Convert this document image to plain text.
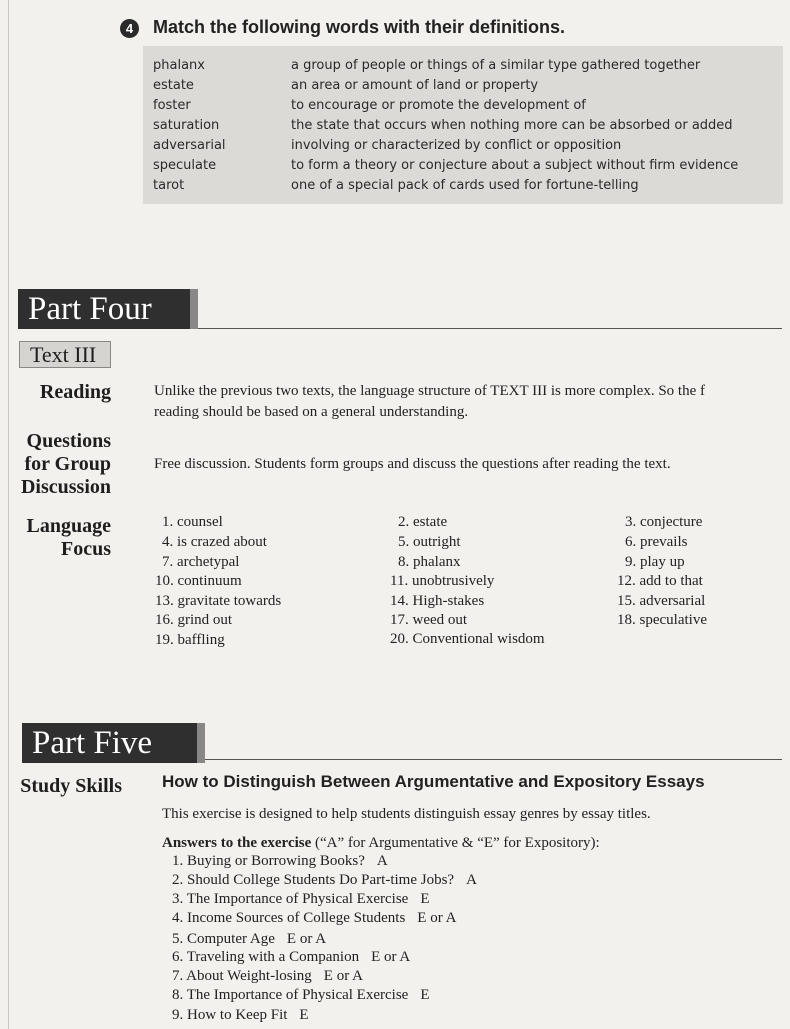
4	Match the following words with their definitions.
phalanx	a group of people or things of a similar type gathered together
estate	an area or amount of land or property
foster	to encourage or promote the development of
saturation	the state that occurs when nothing more can be absorbed or added
adversarial	involving or characterized by conflict or opposition
speculate	to form a theory or conjecture about a subject without firm evidence
tarot	one of a special pack of cards used for fortune-telling
Part Four
Text III
Reading	Unlike the previous two texts, the language structure of TEXT III is more complex. So the f
reading should be based on a general understanding.
Questions
for Group
Discussion
Free discussion. Students form groups and discuss the questions after reading the text.
Language
Focus
1. counsel	2. estate	3. conjecture
4. is crazed about	5. outright	6. prevails
7. archetypal	8. phalanx	9. play up
10. continuum	11. unobtrusively	12. add to that
13. gravitate towards	14. High-stakes	15. adversarial
16. grind out	17. weed out	18. speculative
19. baffling	20. Conventional wisdom
Part Five
Study Skills How to Distinguish Between Argumentative and Expository Essays
This exercise is designed to help students distinguish essay genres by essay titles.
Answers to the exercise (“A” for Argumentative & “E” for Expository):
1. Buying or Borrowing Books? A
2. Should College Students Do Part-time Jobs? A
3. The Importance of Physical Exercise E
4. Income Sources of College Students E or A
5. Computer Age E or A
6. Traveling with a Companion E or A
7. About Weight-losing E or A
8. The Importance of Physical Exercise E
9. How to Keep Fit E
